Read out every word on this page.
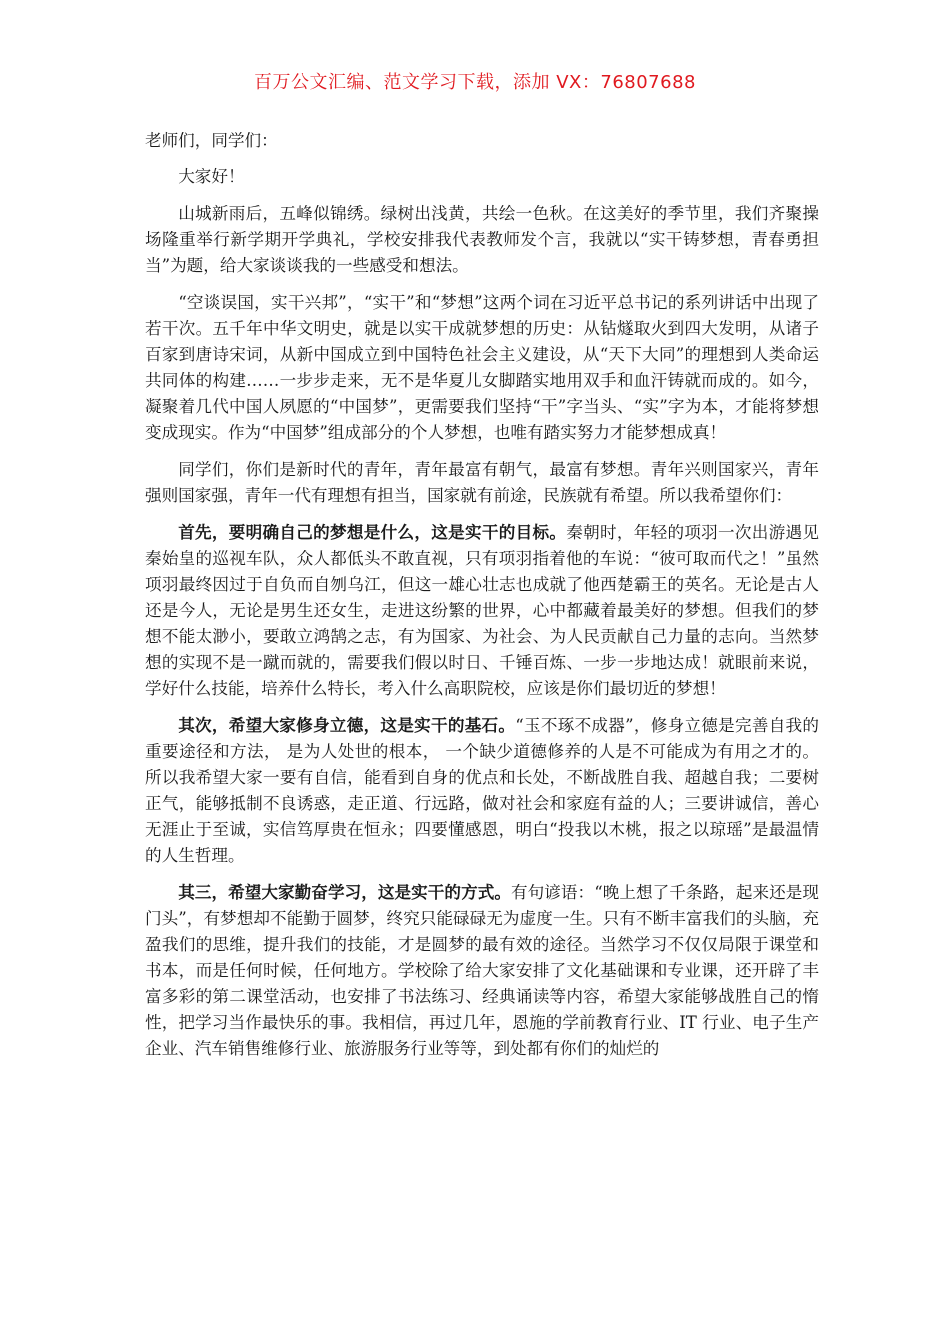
百万公文汇编、范文学习下载，添加 VX：76807688

老师们，同学们：

大家好！

山城新雨后，五峰似锦绣。绿树出浅黄，共绘一色秋。在这美好的季节里，我们齐聚操场隆重举行新学期开学典礼，学校安排我代表教师发个言，我就以“实干铸梦想，青春勇担当”为题，给大家谈谈我的一些感受和想法。

“空谈误国，实干兴邦”，“实干”和“梦想”这两个词在习近平总书记的系列讲话中出现了若干次。五千年中华文明史，就是以实干成就梦想的历史：从钻燧取火到四大发明，从诸子百家到唐诗宋词，从新中国成立到中国特色社会主义建设，从“天下大同”的理想到人类命运共同体的构建……一步步走来，无不是华夏儿女脚踏实地用双手和血汗铸就而成的。如今，凝聚着几代中国人夙愿的“中国梦”，更需要我们坚持“干”字当头、“实”字为本，才能将梦想变成现实。作为“中国梦”组成部分的个人梦想，也唯有踏实努力才能梦想成真！

同学们，你们是新时代的青年，青年最富有朝气，最富有梦想。青年兴则国家兴，青年强则国家强，青年一代有理想有担当，国家就有前途，民族就有希望。所以我希望你们：

首先，要明确自己的梦想是什么，这是实干的目标。秦朝时，年轻的项羽一次出游遇见秦始皇的巡视车队，众人都低头不敢直视，只有项羽指着他的车说：“彼可取而代之！”虽然项羽最终因过于自负而自刎乌江，但这一雄心壮志也成就了他西楚霸王的英名。无论是古人还是今人，无论是男生还女生，走进这纷繁的世界，心中都藏着最美好的梦想。但我们的梦想不能太渺小，要敢立鸿鹄之志，有为国家、为社会、为人民贡献自己力量的志向。当然梦想的实现不是一蹴而就的，需要我们假以时日、千锤百炼、一步一步地达成！就眼前来说，学好什么技能，培养什么特长，考入什么高职院校，应该是你们最切近的梦想！

其次，希望大家修身立德，这是实干的基石。“玉不琢不成器”，修身立德是完善自我的重要途径和方法， 是为人处世的根本， 一个缺少道德修养的人是不可能成为有用之才的。所以我希望大家一要有自信，能看到自身的优点和长处，不断战胜自我、超越自我；二要树正气，能够抵制不良诱惑，走正道、行远路，做对社会和家庭有益的人；三要讲诚信，善心无涯止于至诚，实信笃厚贵在恒永；四要懂感恩，明白“投我以木桃，报之以琼瑶”是最温情的人生哲理。

其三，希望大家勤奋学习，这是实干的方式。有句谚语：“晚上想了千条路，起来还是现门头”，有梦想却不能勤于圆梦，终究只能碌碌无为虚度一生。只有不断丰富我们的头脑，充盈我们的思维，提升我们的技能，才是圆梦的最有效的途径。当然学习不仅仅局限于课堂和书本，而是任何时候，任何地方。学校除了给大家安排了文化基础课和专业课，还开辟了丰富多彩的第二课堂活动，也安排了书法练习、经典诵读等内容，希望大家能够战胜自己的惰性，把学习当作最快乐的事。我相信，再过几年，恩施的学前教育行业、IT 行业、电子生产企业、汽车销售维修行业、旅游服务行业等等，到处都有你们的灿烂的
